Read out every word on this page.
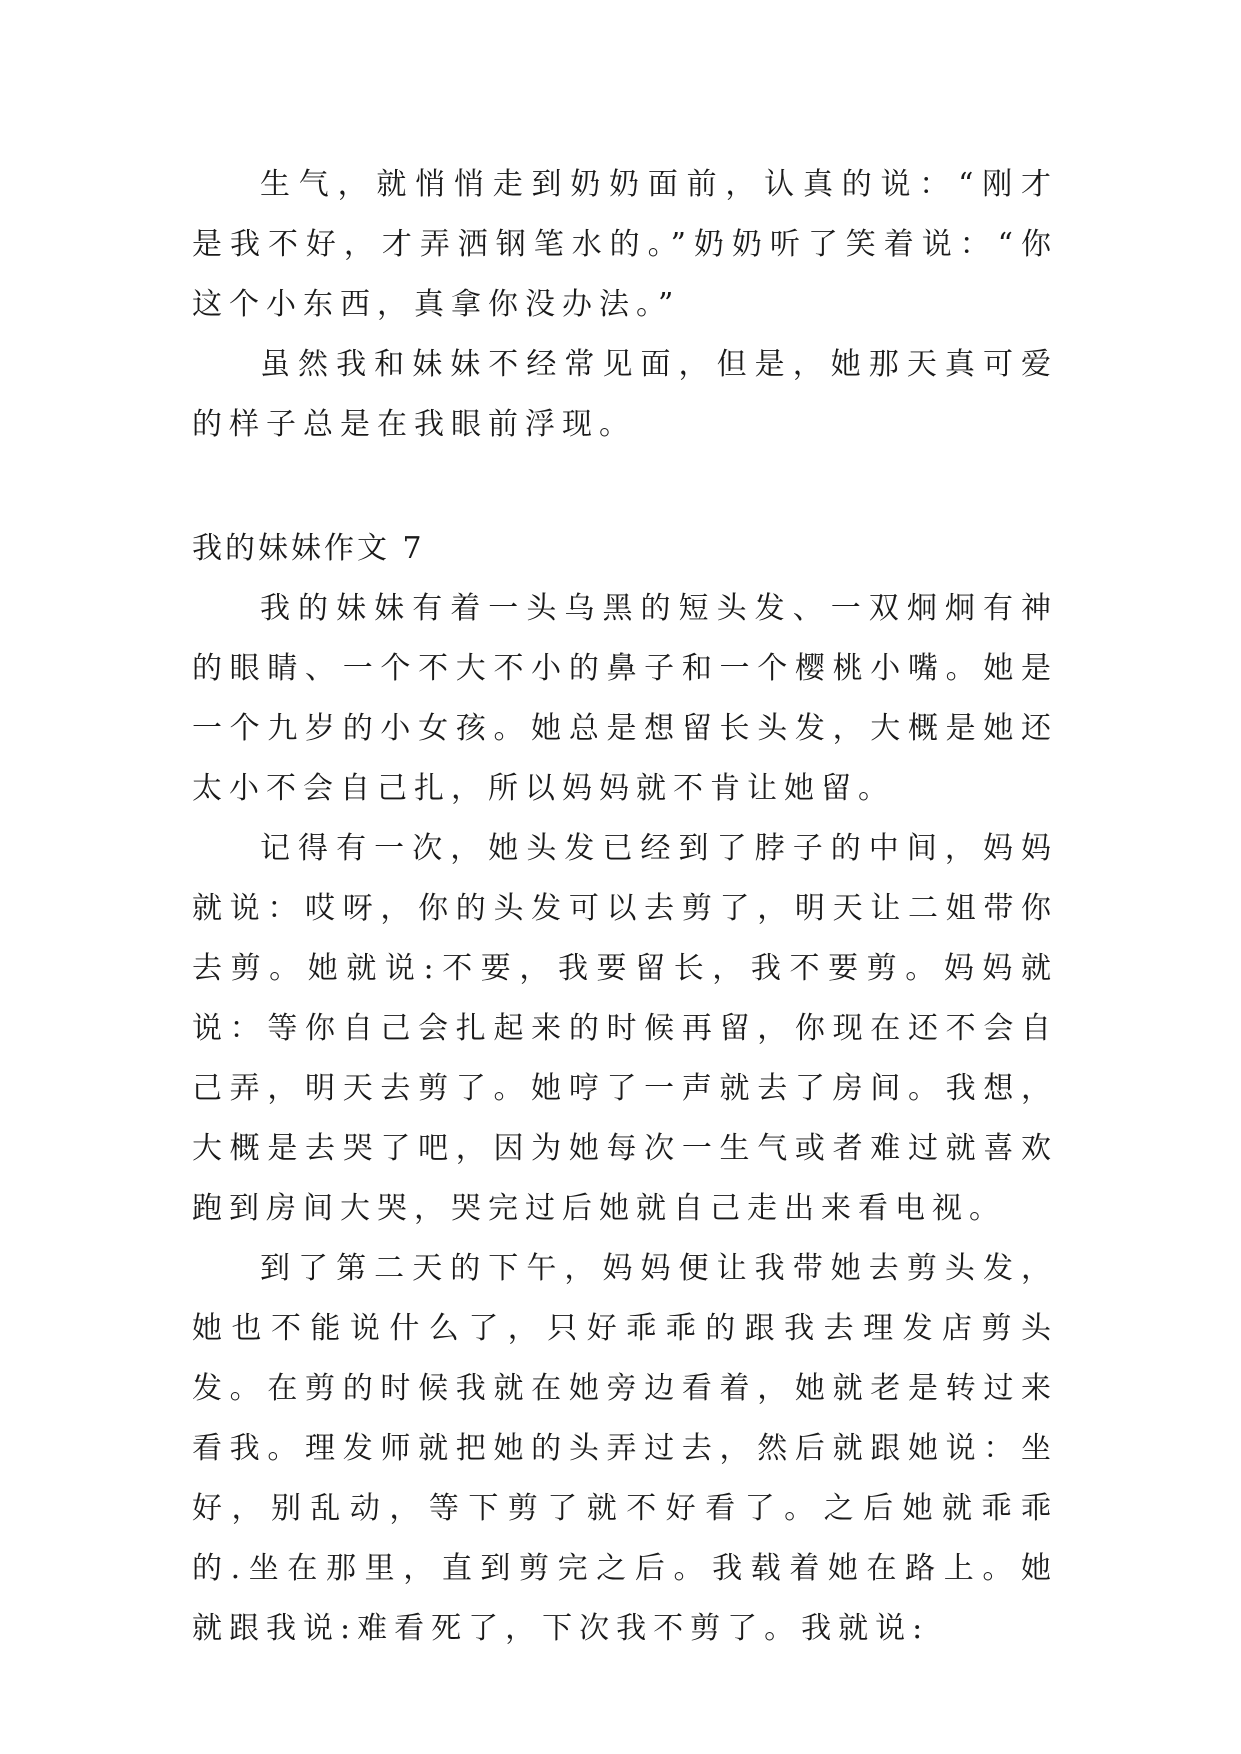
生气，就悄悄走到奶奶面前，认真的说：“刚才是我不好，才弄洒钢笔水的。”奶奶听了笑着说：“你这个小东西，真拿你没办法。”

虽然我和妹妹不经常见面，但是，她那天真可爱的样子总是在我眼前浮现。

我的妹妹作文 7

我的妹妹有着一头乌黑的短头发、一双炯炯有神的眼睛、一个不大不小的鼻子和一个樱桃小嘴。她是一个九岁的小女孩。她总是想留长头发，大概是她还太小不会自己扎，所以妈妈就不肯让她留。

记得有一次，她头发已经到了脖子的中间，妈妈就说：哎呀，你的头发可以去剪了，明天让二姐带你去剪。她就说:不要，我要留长，我不要剪。妈妈就说：等你自己会扎起来的时候再留，你现在还不会自己弄，明天去剪了。她哼了一声就去了房间。我想，大概是去哭了吧，因为她每次一生气或者难过就喜欢跑到房间大哭，哭完过后她就自己走出来看电视。

到了第二天的下午，妈妈便让我带她去剪头发，她也不能说什么了，只好乖乖的跟我去理发店剪头发。在剪的时候我就在她旁边看着，她就老是转过来看我。理发师就把她的头弄过去，然后就跟她说：坐好，别乱动，等下剪了就不好看了。之后她就乖乖的.坐在那里，直到剪完之后。我载着她在路上。她就跟我说:难看死了，下次我不剪了。我就说:
